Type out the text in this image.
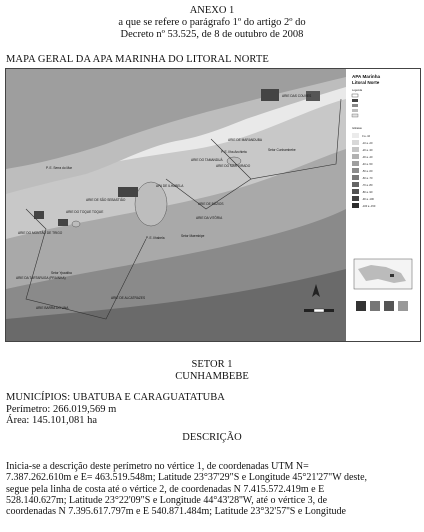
ANEXO 1
a que se refere o parágrafo 1º do artigo 2º do
Decreto nº 53.525, de 8 de outubro de 2008
MAPA GERAL DA APA MARINHA DO LITORAL NORTE
Setor Cunhambebe
Setor Maembipe
Setor Ypautiba
P. E. Serra do Mar
P. E. Ilhabela
P. E. Ilha Anchieta
ARIE DO TAMANDUÁ
ARIE DO MAR VIRADO
ARIE DAS COUVES
ARIE DE MARANDUBA
ARIE DE SÃO SEBASTIÃO
ARIE DO TOQUE TOQUE
ARIE DE BÚZIOS
ARIE DA VITÓRIA
ARIE DE ALCATRAZES
ARIE DA TARTARUGA (PRAINHA)
ARIE DO MONTÃO DE TRIGO
APA DE ILHABELA
ARIE BARRA DO UNA
APA Marinha
Litoral Norte
Legenda
Isóbatas
0 a -10
-10 a -20
-20 a -30
-30 a -40
-40 a -50
-50 a -60
-60 a -70
-70 a -80
-80 a -90
-90 a -100
-100 a -150
SETOR 1
CUNHAMBEBE
MUNICÍPIOS: UBATUBA E CARAGUATATUBA
Perímetro: 266.019,569 m
Área: 145.101,081 ha
DESCRIÇÃO

Inicia-se a descrição deste perímetro no vértice 1, de coordenadas UTM N=

7.387.262.610m e E= 463.519.548m; Latitude 23°37'29"S e Longitude 45°21'27"W deste,

segue pela linha de costa até o vértice 2, de coordenadas N 7.415.572.419m e E

528.140.627m; Latitude 23°22'09"S e Longitude 44°43'28''W, até o vértice 3, de

coordenadas N 7.395.617.797m e E 540.871.484m; Latitude 23°32'57''S e Longitude
